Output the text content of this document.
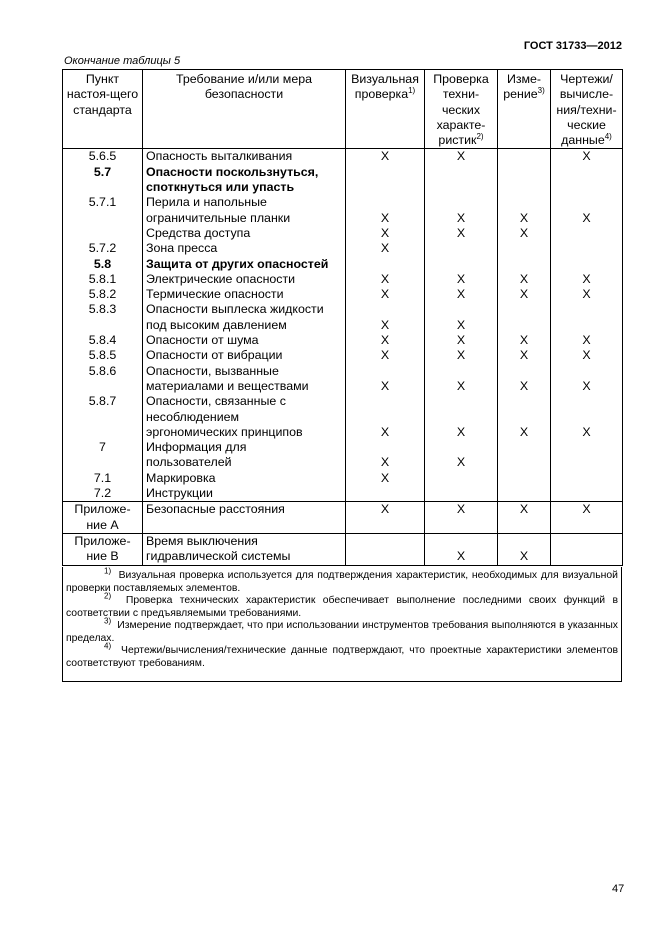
ГОСТ 31733—2012
Окончание таблицы 5
Пункт настоя-щего стандарта	Требование и/или мера безопасности	Визуальная проверка$^{1)}$	Проверка техни-ческих характе-ристик$^{2)}$	Изме-рение$^{3)}$	Чертежи/ вычисле-ния/техни-ческие данные$^{4)}$
5.6.5	Опасность выталкивания	X	X		X
5.7	Опасности поскользнуться,				
	споткнуться или упасть				
5.7.1	Перила и напольные				
	ограничительные планки	X	X	X	X
	Средства доступа	X	X	X	
5.7.2	Зона пресса	X			
5.8	Защита от других опасностей				
5.8.1	Электрические опасности	X	X	X	X
5.8.2	Термические опасности	X	X	X	X
5.8.3	Опасности выплеска жидкости				
	под высоким давлением	X	X		
5.8.4	Опасности от шума	X	X	X	X
5.8.5	Опасности от вибрации	X	X	X	X
5.8.6	Опасности, вызванные				
	материалами и веществами	X	X	X	X
5.8.7	Опасности, связанные с				
	несоблюдением				
	эргономических принципов	X	X	X	X
7	Информация для				
	пользователей	X	X		
7.1	Маркировка	X			
7.2	Инструкции				
Приложе-	Безопасные расстояния	X	X	X	X
ние А					
Приложе-	Время выключения				
ние В	гидравлической системы		X	X	
$^{1)}$ Визуальная проверка используется для подтверждения характеристик, необходимых для визуальной проверки поставляемых элементов.
$^{2)}$ Проверка технических характеристик обеспечивает выполнение последними своих функций в соответствии с предъявляемыми требованиями.
$^{3)}$ Измерение подтверждает, что при использовании инструментов требования выполняются в указанных пределах.
$^{4)}$ Чертежи/вычисления/технические данные подтверждают, что проектные характеристики элементов соответствуют требованиям.
47
